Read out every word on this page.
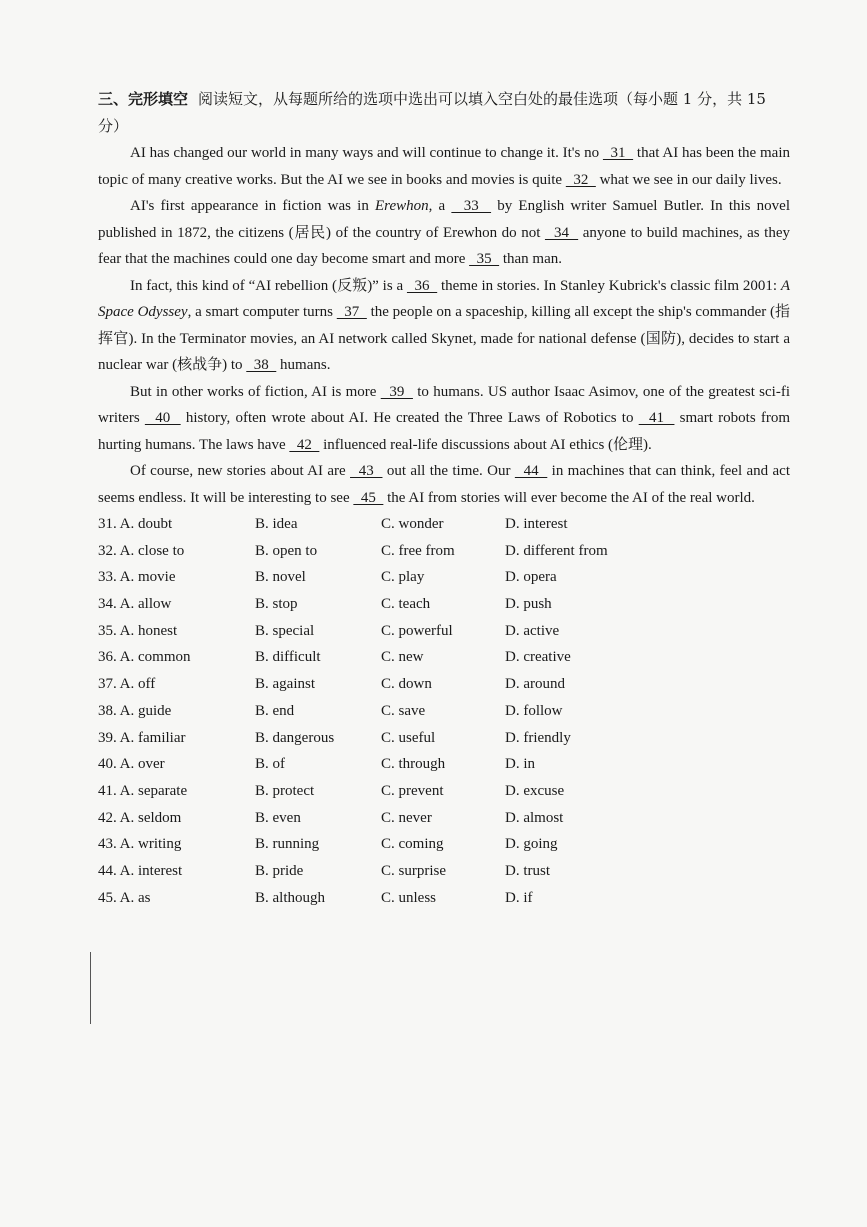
三、完形填空 阅读短文，从每题所给的选项中选出可以填入空白处的最佳选项（每小题 1 分，共 15
分）

AI has changed our world in many ways and will continue to change it. It's no   31   that AI has been the main topic of many creative works. But the AI we see in books and movies is quite   32   what we see in our daily lives.

AI's first appearance in fiction was in Erewhon, a   33   by English writer Samuel Butler. In this novel published in 1872, the citizens (居民) of the country of Erewhon do not   34   anyone to build machines, as they fear that the machines could one day become smart and more   35   than man.

In fact, this kind of “AI rebellion (反叛)” is a   36   theme in stories. In Stanley Kubrick's classic film 2001: A Space Odyssey, a smart computer turns   37   the people on a spaceship, killing all except the ship's commander (指挥官). In the Terminator movies, an AI network called Skynet, made for national defense (国防), decides to start a nuclear war (核战争) to   38   humans.

But in other works of fiction, AI is more   39   to humans. US author Isaac Asimov, one of the greatest sci-fi writers   40   history, often wrote about AI. He created the Three Laws of Robotics to   41   smart robots from hurting humans. The laws have   42   influenced real-life discussions about AI ethics (伦理).

Of course, new stories about AI are   43   out all the time. Our   44   in machines that can think, feel and act seems endless. It will be interesting to see   45   the AI from stories will ever become the AI of the real world.

31. A. doubt	B. idea	C. wonder	D. interest
32. A. close to	B. open to	C. free from	D. different from
33. A. movie	B. novel	C. play	D. opera
34. A. allow	B. stop	C. teach	D. push
35. A. honest	B. special	C. powerful	D. active
36. A. common	B. difficult	C. new	D. creative
37. A. off	B. against	C. down	D. around
38. A. guide	B. end	C. save	D. follow
39. A. familiar	B. dangerous	C. useful	D. friendly
40. A. over	B. of	C. through	D. in
41. A. separate	B. protect	C. prevent	D. excuse
42. A. seldom	B. even	C. never	D. almost
43. A. writing	B. running	C. coming	D. going
44. A. interest	B. pride	C. surprise	D. trust
45. A. as	B. although	C. unless	D. if
